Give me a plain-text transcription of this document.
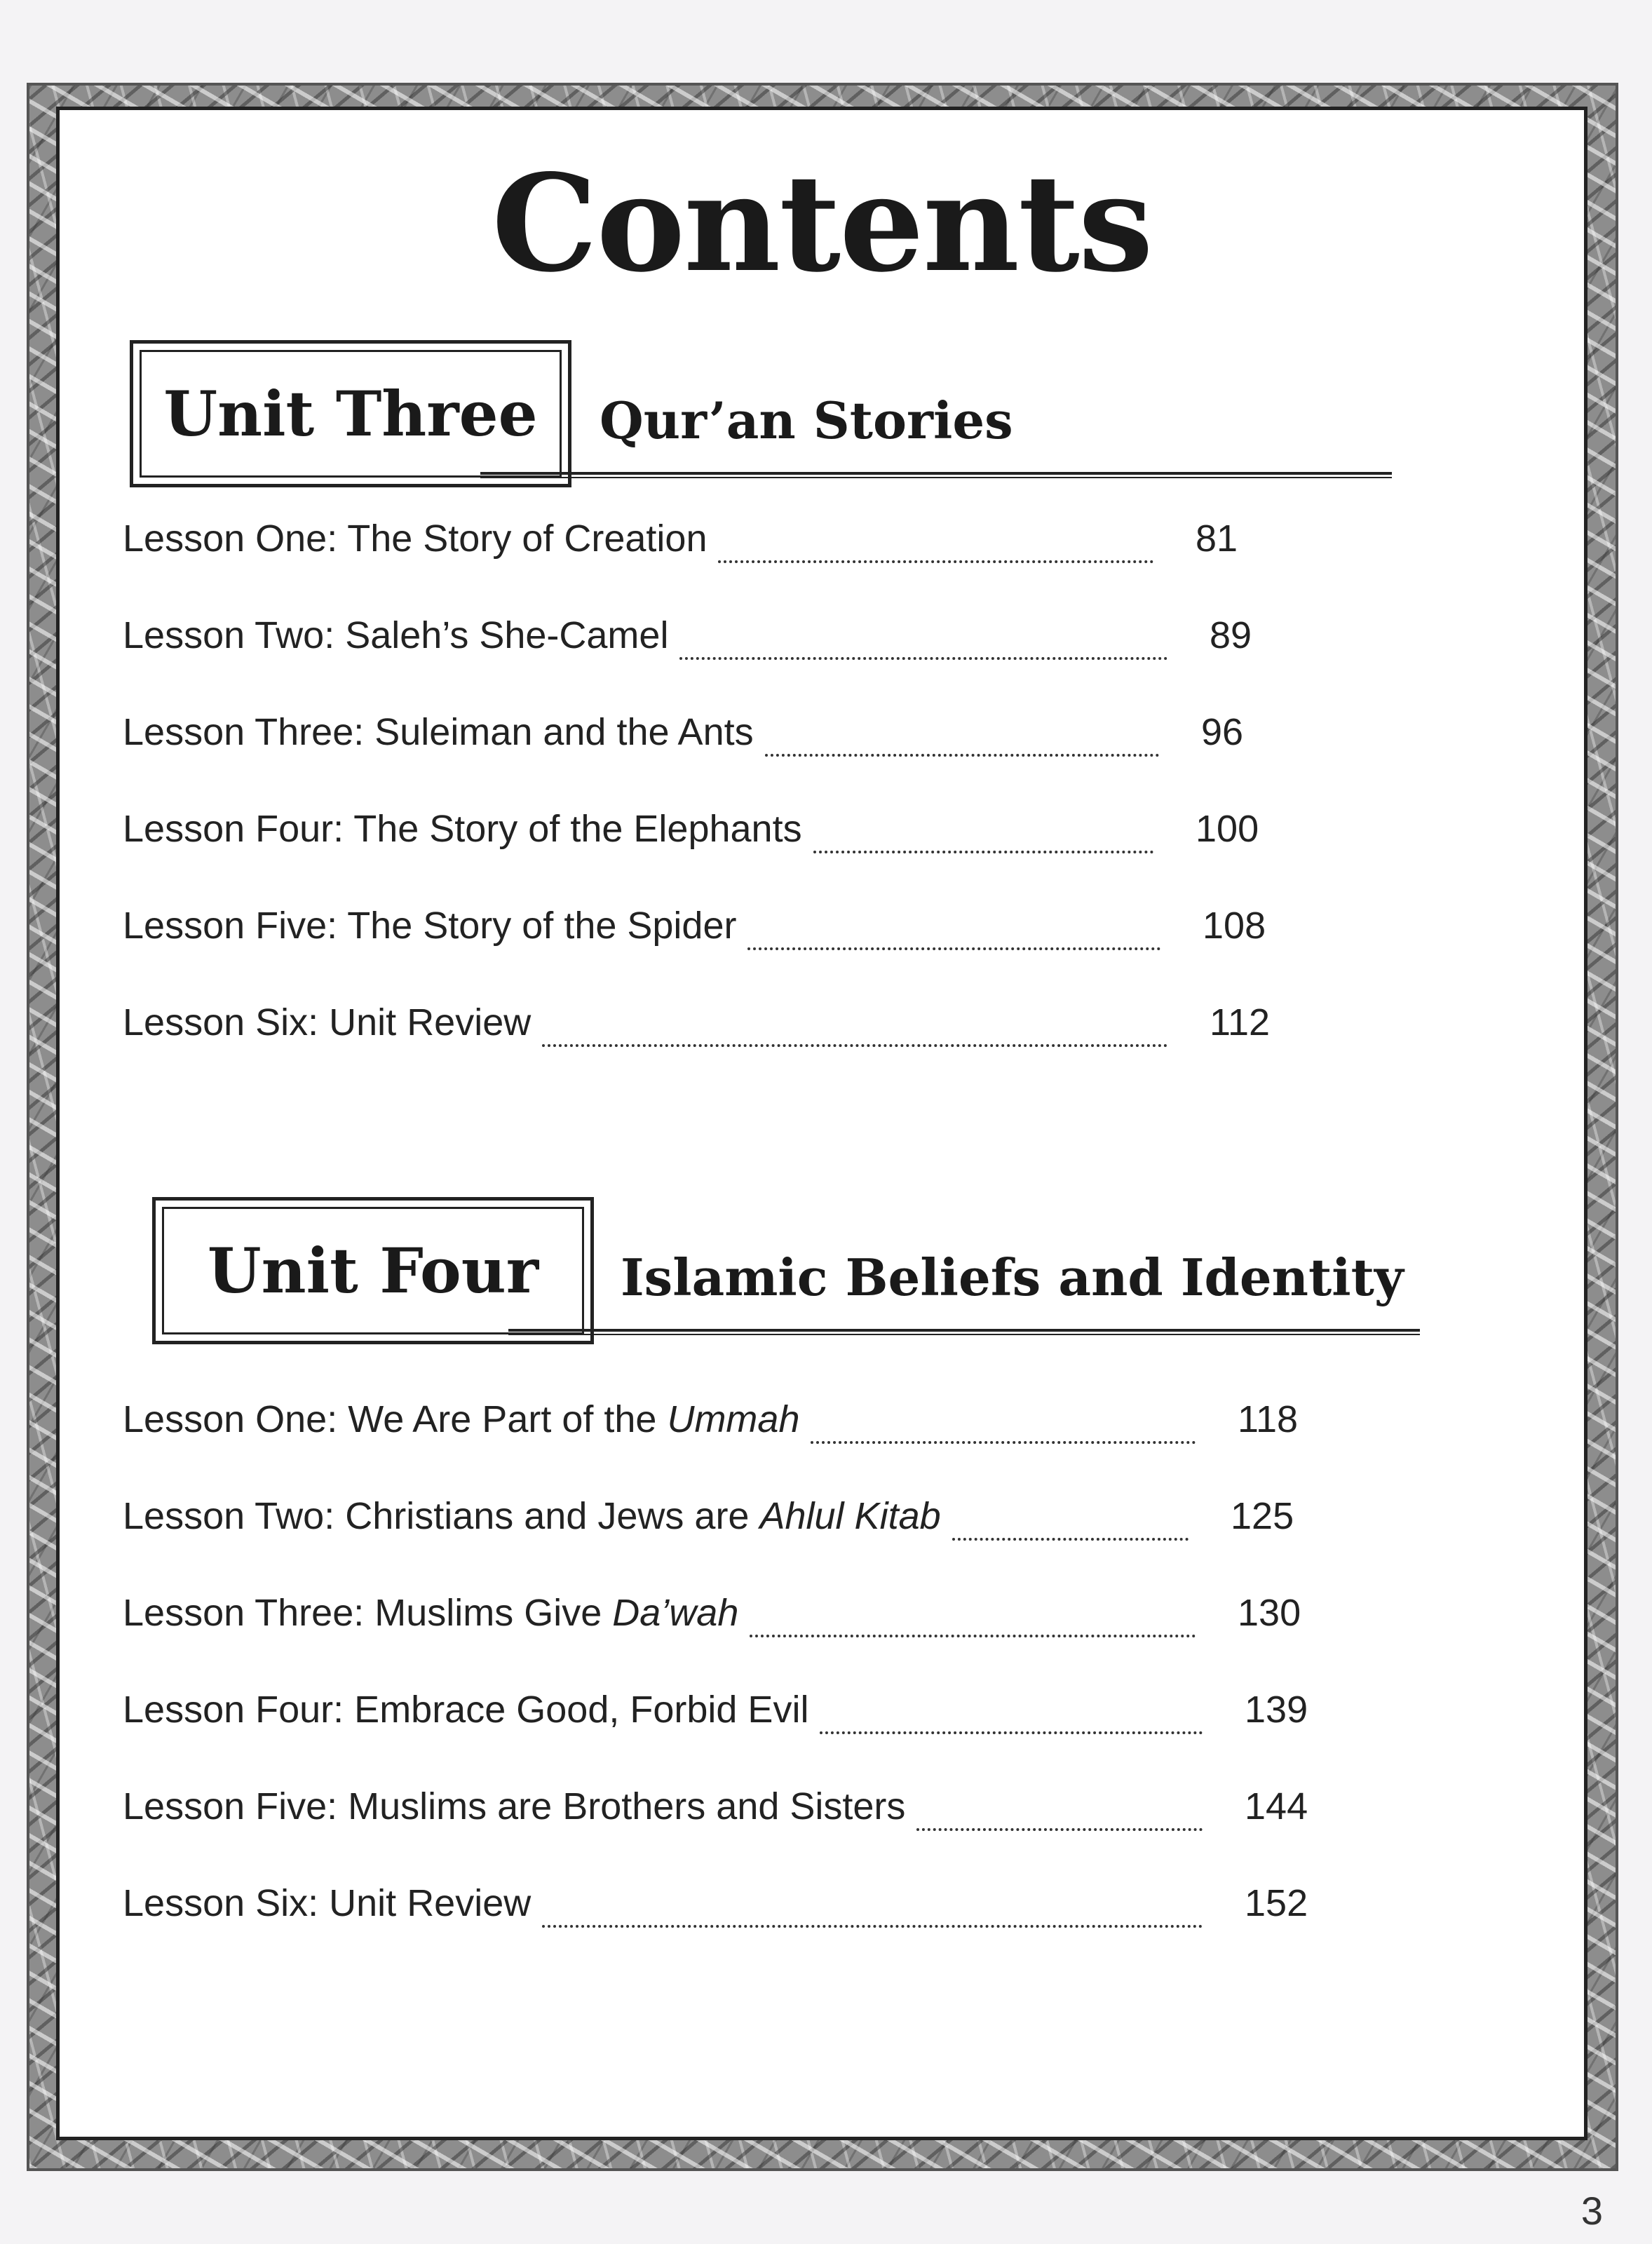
Contents
Unit Three	Qur’an Stories
Lesson One: The Story of Creation	81
Lesson Two: Saleh’s She-Camel	89
Lesson Three: Suleiman and the Ants	96
Lesson Four: The Story of the Elephants	100
Lesson Five: The Story of the Spider	108
Lesson Six: Unit Review	112
Unit Four	Islamic Beliefs and Identity
Lesson One: We Are Part of the Ummah	118
Lesson Two: Christians and Jews are Ahlul Kitab	125
Lesson Three: Muslims Give Da’wah	130
Lesson Four: Embrace Good, Forbid Evil	139
Lesson Five: Muslims are Brothers and Sisters	144
Lesson Six: Unit Review	152
3
